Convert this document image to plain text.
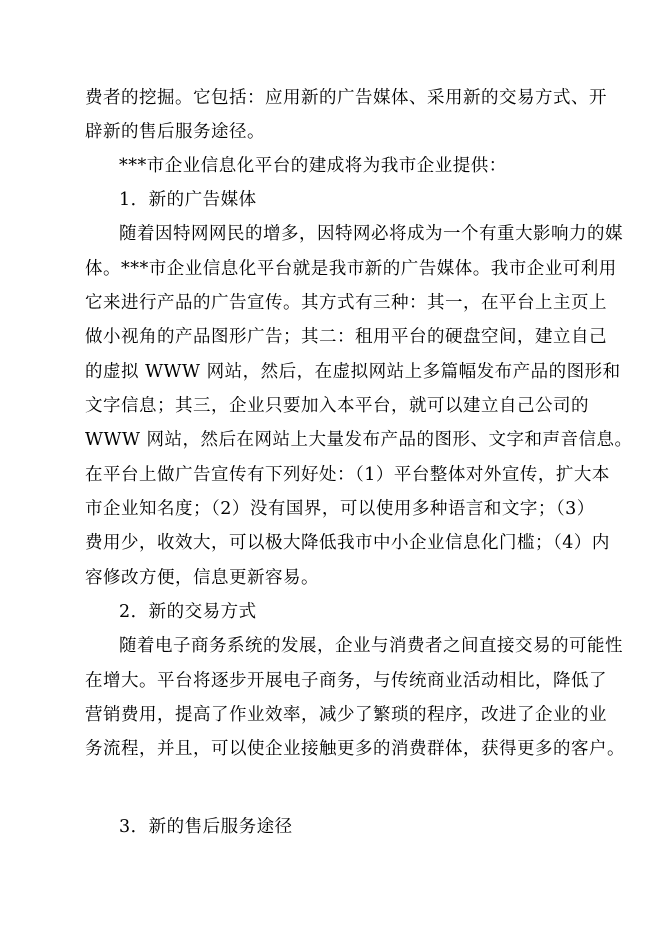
费者的挖掘。它包括：应用新的广告媒体、采用新的交易方式、开
辟新的售后服务途径。
***市企业信息化平台的建成将为我市企业提供：
1．新的广告媒体
随着因特网网民的增多，因特网必将成为一个有重大影响力的媒
体。***市企业信息化平台就是我市新的广告媒体。我市企业可利用
它来进行产品的广告宣传。其方式有三种：其一，在平台上主页上
做小视角的产品图形广告；其二：租用平台的硬盘空间，建立自己
的虚拟 WWW 网站，然后，在虚拟网站上多篇幅发布产品的图形和
文字信息；其三，企业只要加入本平台，就可以建立自己公司的
WWW 网站，然后在网站上大量发布产品的图形、文字和声音信息。
在平台上做广告宣传有下列好处：（1）平台整体对外宣传，扩大本
市企业知名度；（2）没有国界，可以使用多种语言和文字；（3）
费用少，收效大，可以极大降低我市中小企业信息化门槛；（4）内
容修改方便，信息更新容易。
2．新的交易方式
随着电子商务系统的发展，企业与消费者之间直接交易的可能性
在增大。平台将逐步开展电子商务，与传统商业活动相比，降低了
营销费用，提高了作业效率，减少了繁琐的程序，改进了企业的业
务流程，并且，可以使企业接触更多的消费群体，获得更多的客户。
3．新的售后服务途径
